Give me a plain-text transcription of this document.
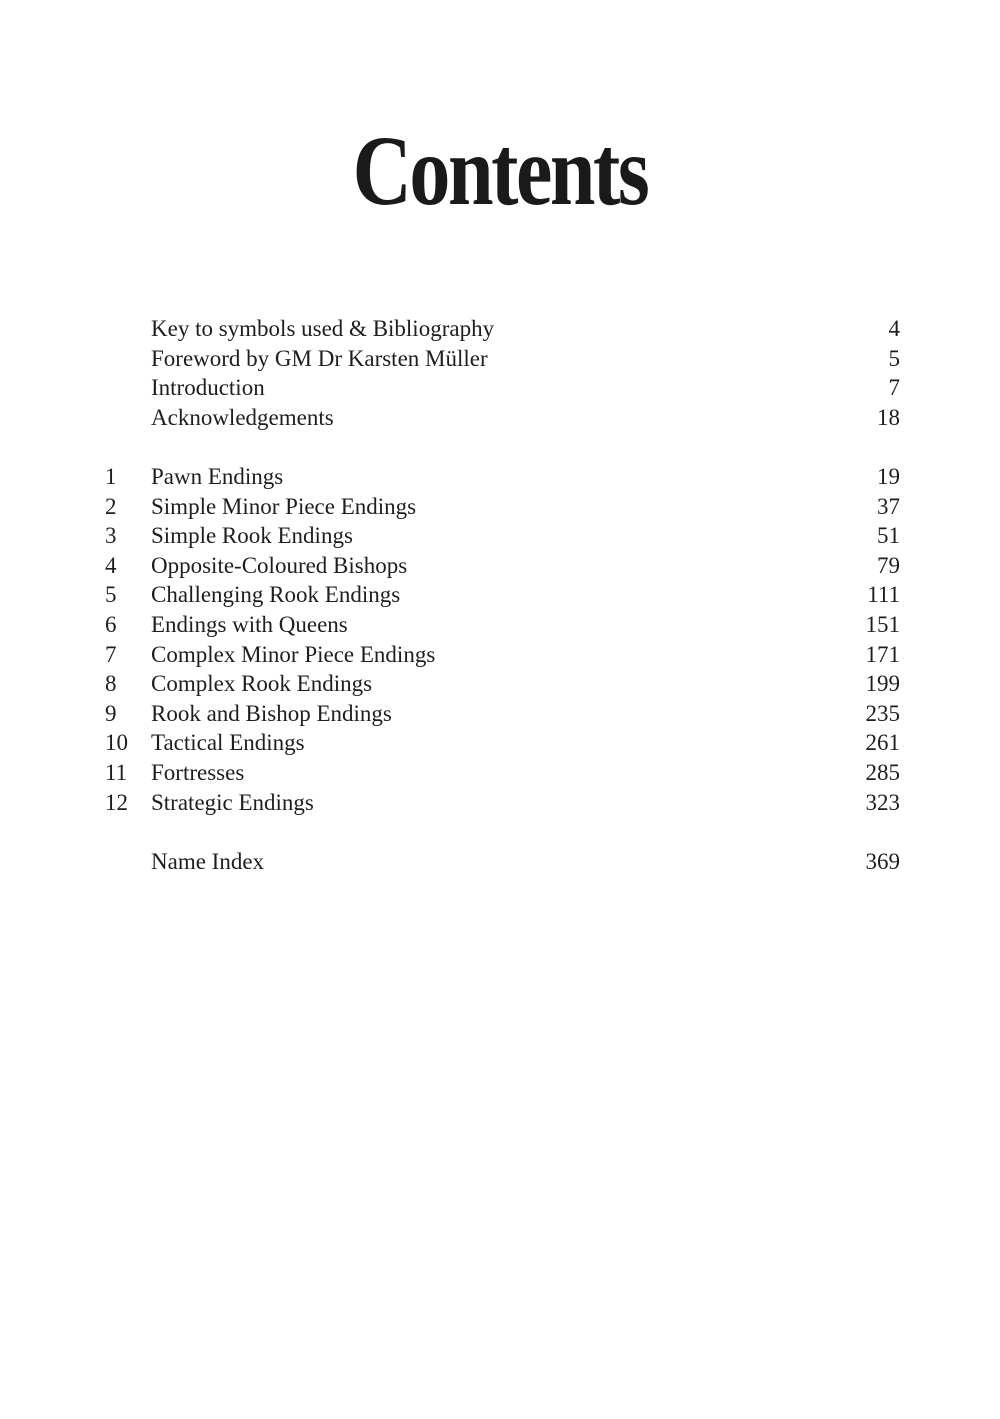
Contents
Key to symbols used & Bibliography	4
Foreword by GM Dr Karsten Müller	5
Introduction	7
Acknowledgements	18
1	Pawn Endings	19
2	Simple Minor Piece Endings	37
3	Simple Rook Endings	51
4	Opposite-Coloured Bishops	79
5	Challenging Rook Endings	111
6	Endings with Queens	151
7	Complex Minor Piece Endings	171
8	Complex Rook Endings	199
9	Rook and Bishop Endings	235
10	Tactical Endings	261
11	Fortresses	285
12	Strategic Endings	323
Name Index	369
